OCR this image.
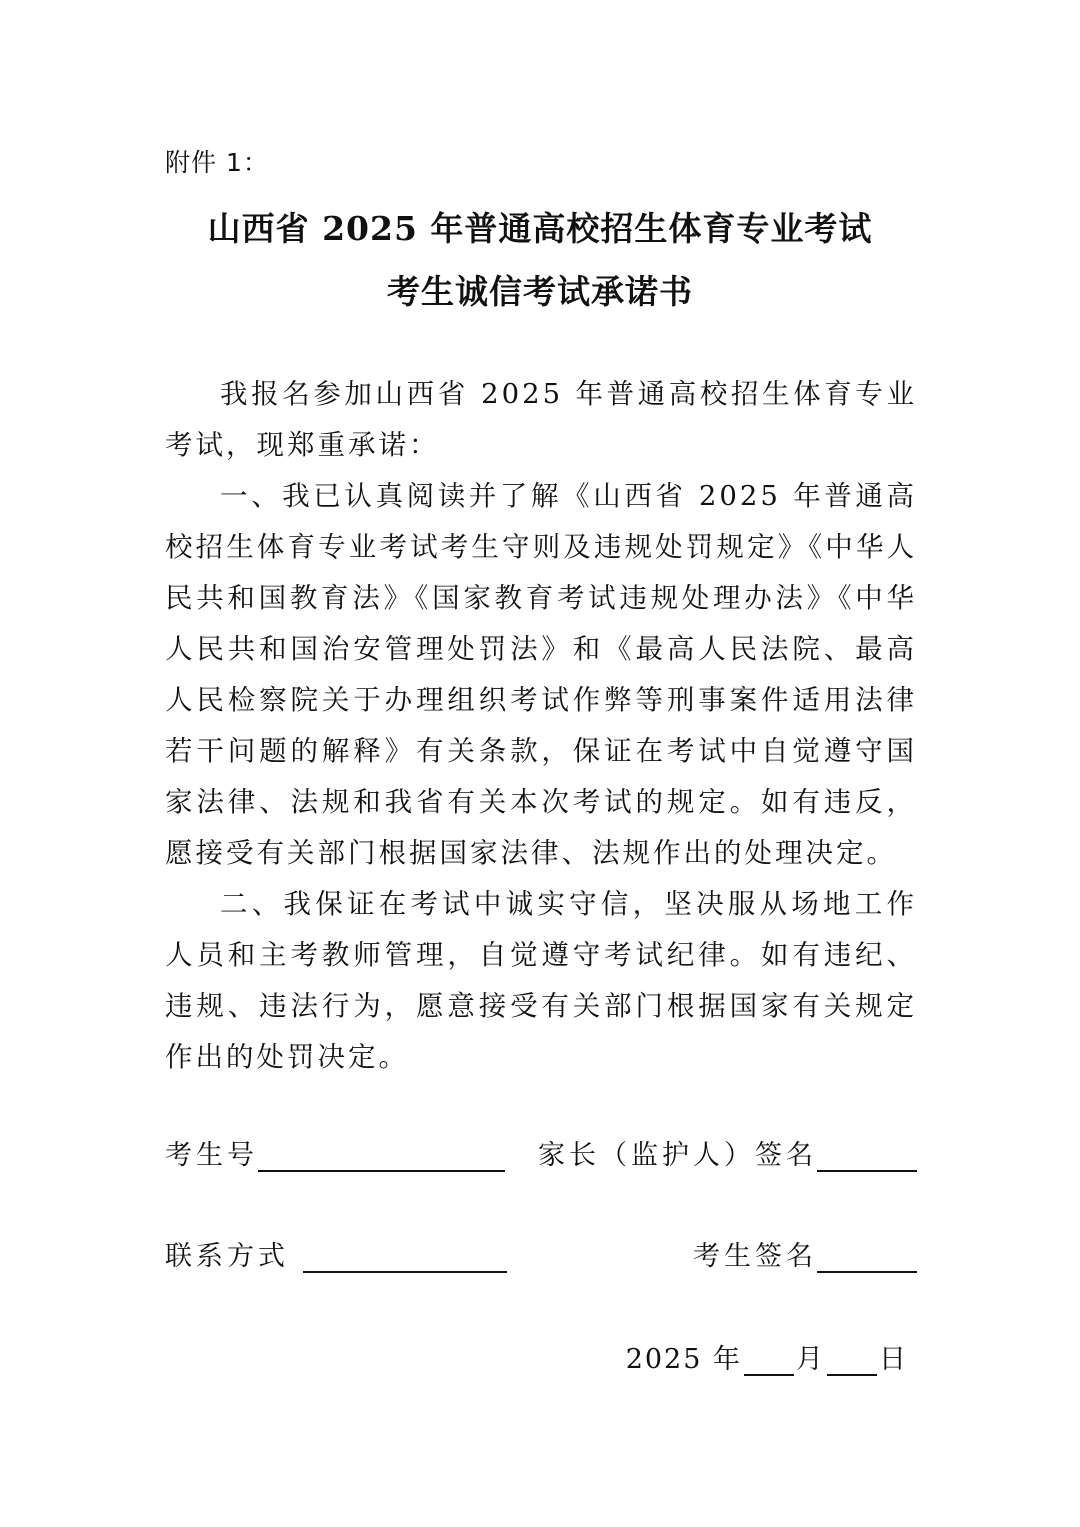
附件 1：
山西省 2025 年普通高校招生体育专业考试
考生诚信考试承诺书

我报名参加山西省 2025 年普通高校招生体育专业考试，现郑重承诺：

一、我已认真阅读并了解《山西省 2025 年普通高校招生体育专业考试考生守则及违规处罚规定》《中华人民共和国教育法》《国家教育考试违规处理办法》《中华人民共和国治安管理处罚法》和《最高人民法院、最高人民检察院关于办理组织考试作弊等刑事案件适用法律若干问题的解释》有关条款，保证在考试中自觉遵守国家法律、法规和我省有关本次考试的规定。如有违反，愿接受有关部门根据国家法律、法规作出的处理决定。

二、我保证在考试中诚实守信，坚决服从场地工作人员和主考教师管理，自觉遵守考试纪律。如有违纪、违规、违法行为，愿意接受有关部门根据国家有关规定作出的处罚决定。

考生号	家长（监护人）签名
联系方式	考生签名
2025 年 月 日
